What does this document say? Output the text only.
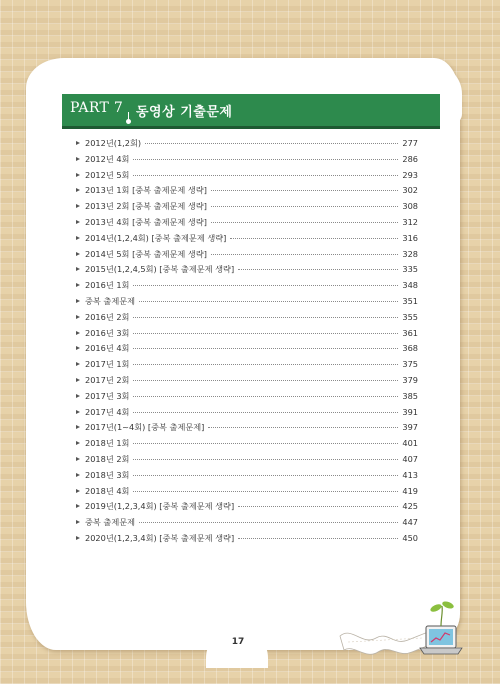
PART 7 동영상 기출문제
2012년(1,2회)	277
2012년 4회	286
2012년 5회	293
2013년 1회 [중복 출제문제 생략]	302
2013년 2회 [중복 출제문제 생략]	308
2013년 4회 [중복 출제문제 생략]	312
2014년(1,2,4회) [중복 출제문제 생략]	316
2014년 5회 [중복 출제문제 생략]	328
2015년(1,2,4,5회) [중복 출제문제 생략]	335
2016년 1회	348
중복 출제문제	351
2016년 2회	355
2016년 3회	361
2016년 4회	368
2017년 1회	375
2017년 2회	379
2017년 3회	385
2017년 4회	391
2017년(1~4회) [중복 출제문제]	397
2018년 1회	401
2018년 2회	407
2018년 3회	413
2018년 4회	419
2019년(1,2,3,4회) [중복 출제문제 생략]	425
중복 출제문제	447
2020년(1,2,3,4회) [중복 출제문제 생략]	450
17
